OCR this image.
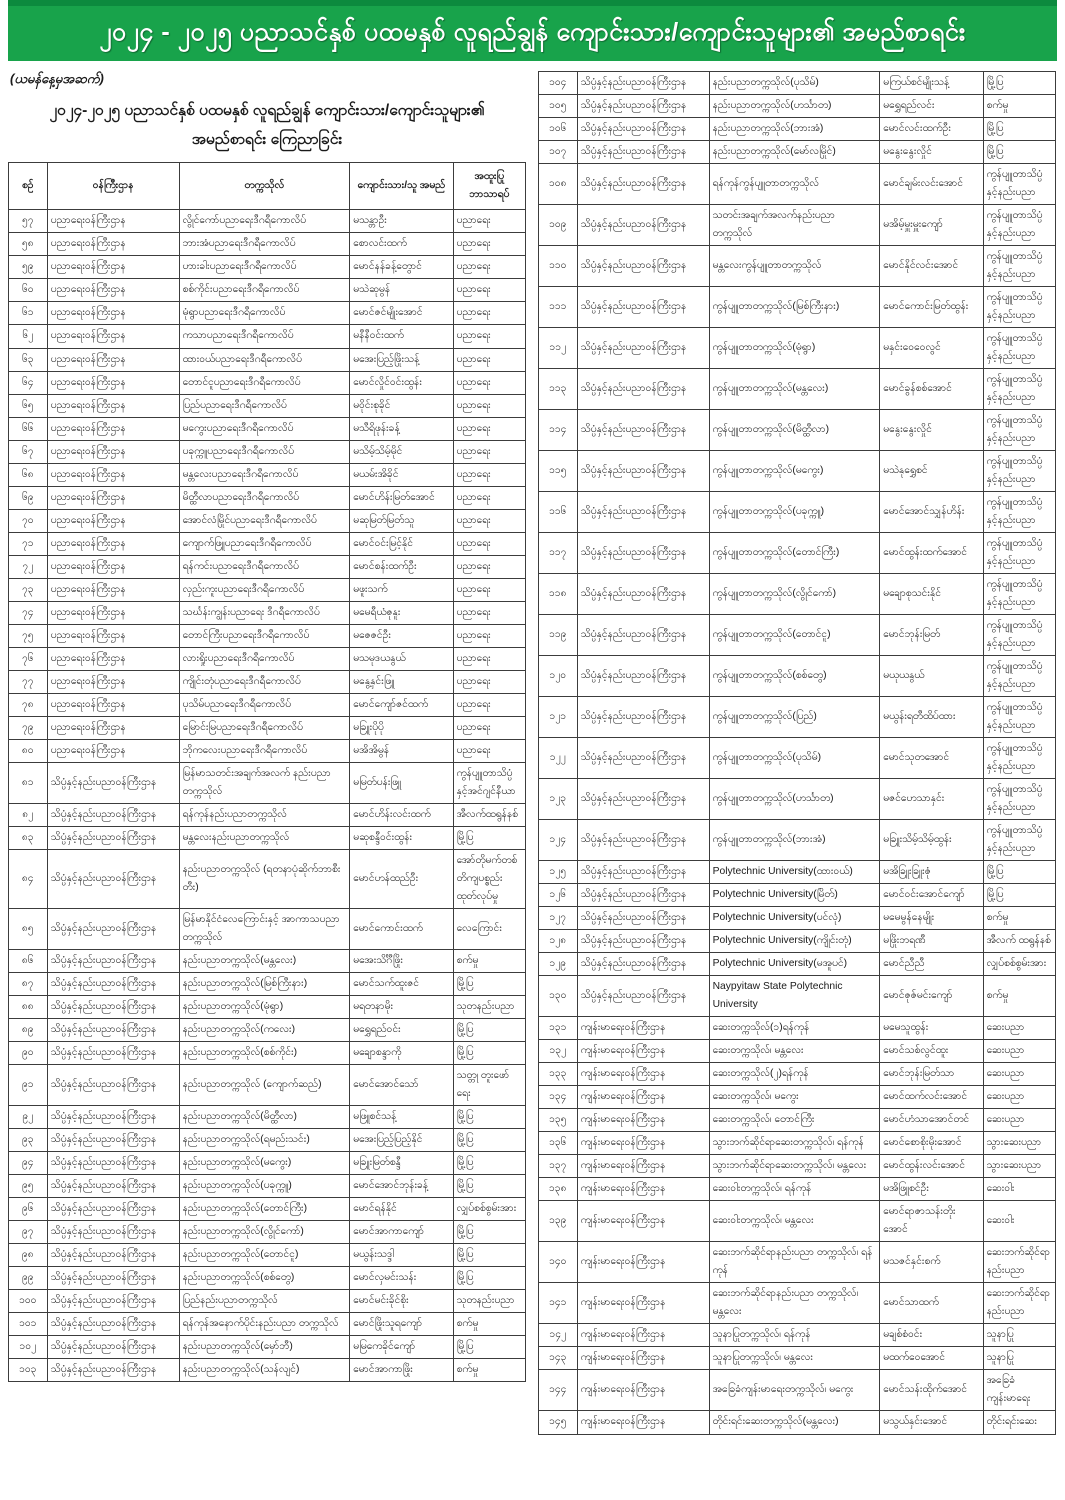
၂၀၂၄ - ၂၀၂၅ ပညာသင်နှစ် ပထမနှစ် လူရည်ချွန် ကျောင်းသား/ကျောင်းသူများ၏ အမည်စာရင်း
(ယမန်နေ့မှအဆက်)
၂၀၂၄-၂၀၂၅ ပညာသင်နှစ် ပထမနှစ် လူရည်ချွန် ကျောင်းသား/ကျောင်းသူများ၏
အမည်စာရင်း ကြေညာခြင်း
စဉ်	ဝန်ကြီးဌာန	တက္ကသိုလ်	ကျောင်းသား/သူ အမည်	အထူးပြု ဘာသာရပ်
၅၇	ပညာရေးဝန်ကြီးဌာန	လွိုင်ကော်ပညာရေးဒီဂရီကောလိပ်	မသန္တာဦး	ပညာရေး
၅၈	ပညာရေးဝန်ကြီးဌာန	ဘားအံပညာရေးဒီဂရီကောလိပ်	စောလင်းထက်	ပညာရေး
၅၉	ပညာရေးဝန်ကြီးဌာန	ဟားခါးပညာရေးဒီဂရီကောလိပ်	မောင်နန်ခန့်တွောင်	ပညာရေး
၆၀	ပညာရေးဝန်ကြီးဌာန	စစ်ကိုင်းပညာရေးဒီဂရီကောလိပ်	မသဲဆုမွန်	ပညာရေး
၆၁	ပညာရေးဝန်ကြီးဌာန	မုံရွာပညာရေးဒီဂရီကောလိပ်	မောင်ဇင်မျိုးအောင်	ပညာရေး
၆၂	ပညာရေးဝန်ကြီးဌာန	ကသာပညာရေးဒီဂရီကောလိပ်	မနီနီဝင်းထက်	ပညာရေး
၆၃	ပညာရေးဝန်ကြီးဌာန	ထားဝယ်ပညာရေးဒီဂရီကောလိပ်	မအေးပြည့်ဖြိုးသန့်	ပညာရေး
၆၄	ပညာရေးဝန်ကြီးဌာန	တောင်ငူပညာရေးဒီဂရီကောလိပ်	မောင်လှိုင်ဝင်းထွန်း	ပညာရေး
၆၅	ပညာရေးဝန်ကြီးဌာန	ပြည်ပညာရေးဒီဂရီကောလိပ်	မဝိုင်းစုခိုင်	ပညာရေး
၆၆	ပညာရေးဝန်ကြီးဌာန	မကွေးပညာရေးဒီဂရီကောလိပ်	မသီရိဖုန်းခန့်	ပညာရေး
၆၇	ပညာရေးဝန်ကြီးဌာန	ပခုက္ကူပညာရေးဒီဂရီကောလိပ်	မသိမ့်သိမ့်မိုင်	ပညာရေး
၆၈	ပညာရေးဝန်ကြီးဌာန	မန္တလေးပညာရေးဒီဂရီကောလိပ်	မယမ်းအိခိုင်	ပညာရေး
၆၉	ပညာရေးဝန်ကြီးဌာန	မိတ္ထီလာပညာရေးဒီဂရီကောလိပ်	မောင်ဟိန်းမြတ်အောင်	ပညာရေး
၇၀	ပညာရေးဝန်ကြီးဌာန	အောင်လံမြိုင်ပညာရေးဒီဂရီကောလိပ်	မဆုမြတ်မြတ်သူ	ပညာရေး
၇၁	ပညာရေးဝန်ကြီးဌာန	ကျောက်ဖြူပညာရေးဒီဂရီကောလိပ်	မောင်ဝင်းမြင့်နိုင်	ပညာရေး
၇၂	ပညာရေးဝန်ကြီးဌာန	ရန်ကင်းပညာရေးဒီဂရီကောလိပ်	မောင်စန်းထက်ဦး	ပညာရေး
၇၃	ပညာရေးဝန်ကြီးဌာန	လှည်းကူးပညာရေးဒီဂရီကောလိပ်	မဖူးသက်	ပညာရေး
၇၄	ပညာရေးဝန်ကြီးဌာန	သင်္ဃန်းကျွန်းပညာရေး ဒီဂရီကောလိပ်	မမေရီယံဇုနူး	ပညာရေး
၇၅	ပညာရေးဝန်ကြီးဌာန	တောင်ကြီးပညာရေးဒီဂရီကောလိပ်	မဇေဇင်ဦး	ပညာရေး
၇၆	ပညာရေးဝန်ကြီးဌာန	လားရှိုးပညာရေးဒီဂရီကောလိပ်	မသမုဒယနွယ်	ပညာရေး
၇၇	ပညာရေးဝန်ကြီးဌာန	ကျိုင်းတုံပညာရေးဒီဂရီကောလိပ်	မနွေ့နှင်းဖြူ	ပညာရေး
၇၈	ပညာရေးဝန်ကြီးဌာန	ပုသိမ်ပညာရေးဒီဂရီကောလိပ်	မောင်ကျော်ဇင်ထက်	ပညာရေး
၇၉	ပညာရေးဝန်ကြီးဌာန	မြောင်းမြပညာရေးဒီဂရီကောလိပ်	မခြူးပိုပို	ပညာရေး
၈၀	ပညာရေးဝန်ကြီးဌာန	ဘိုကလေးပညာရေးဒီဂရီကောလိပ်	မအိအိမွန်	ပညာရေး
၈၁	သိပ္ပံနှင့်နည်းပညာဝန်ကြီးဌာန	မြန်မာသတင်းအချက်အလက် နည်းပညာတက္ကသိုလ်	မမြတ်ပန်းဖြူ	ကွန်ပျူတာသိပ္ပံ နှင့်အင်ဂျင်နီယာ
၈၂	သိပ္ပံနှင့်နည်းပညာဝန်ကြီးဌာန	ရန်ကုန်နည်းပညာတက္ကသိုလ်	မောင်ဟိန်းလင်းထက်	အီလက်ထရွန်နစ်
၈၃	သိပ္ပံနှင့်နည်းပညာဝန်ကြီးဌာန	မန္တလေးနည်းပညာတက္ကသိုလ်	မဆုစန္ဒီဝင်းထွန်း	မြို့ပြ
၈၄	သိပ္ပံနှင့်နည်းပညာဝန်ကြီးဌာန	နည်းပညာတက္ကသိုလ် (ရတနာပုံဆိုက်ဘာစီးတီး)	မောင်ဟန်ထည်ဦး	အော်တိုမက်တစ် တိကျပစ္စည်း ထုတ်လုပ်မှု
၈၅	သိပ္ပံနှင့်နည်းပညာဝန်ကြီးဌာန	မြန်မာနိုင်ငံလေကြောင်းနှင့် အာကာသပညာတက္ကသိုလ်	မောင်ကောင်းထက်	လေကြောင်း
၈၆	သိပ္ပံနှင့်နည်းပညာဝန်ကြီးဌာန	နည်းပညာတက္ကသိုလ်(မန္တလေး)	မအေးသိင်္ဂီဖြိုး	စက်မှု
၈၇	သိပ္ပံနှင့်နည်းပညာဝန်ကြီးဌာန	နည်းပညာတက္ကသိုလ်(မြစ်ကြီးနား)	မောင်သက်ထူးဇင်	မြို့ပြ
၈၈	သိပ္ပံနှင့်နည်းပညာဝန်ကြီးဌာန	နည်းပညာတက္ကသိုလ်(မုံရွာ)	မရတနာမိုး	သုတနည်းပညာ
၈၉	သိပ္ပံနှင့်နည်းပညာဝန်ကြီးဌာန	နည်းပညာတက္ကသိုလ်(ကလေး)	မရွှေရည်ဝင်း	မြို့ပြ
၉၀	သိပ္ပံနှင့်နည်းပညာဝန်ကြီးဌာန	နည်းပညာတက္ကသိုလ်(စစ်ကိုင်း)	မချောစန္ဒာကို	မြို့ပြ
၉၁	သိပ္ပံနှင့်နည်းပညာဝန်ကြီးဌာန	နည်းပညာတက္ကသိုလ် (ကျောက်ဆည်)	မောင်အောင်သော်	သတ္တု တူးဖော်ရေး
၉၂	သိပ္ပံနှင့်နည်းပညာဝန်ကြီးဌာန	နည်းပညာတက္ကသိုလ်(မိတ္ထီလာ)	မဖြူစင်သန့်	မြို့ပြ
၉၃	သိပ္ပံနှင့်နည်းပညာဝန်ကြီးဌာန	နည်းပညာတက္ကသိုလ်(ရမည်းသင်း)	မအေးပြည့်ပြည့်နိုင်	မြို့ပြ
၉၄	သိပ္ပံနှင့်နည်းပညာဝန်ကြီးဌာန	နည်းပညာတက္ကသိုလ်(မကွေး)	မခြူးမြတ်စန္ဒီ	မြို့ပြ
၉၅	သိပ္ပံနှင့်နည်းပညာဝန်ကြီးဌာန	နည်းပညာတက္ကသိုလ်(ပခုက္ကူ)	မောင်အောင်ဘုန်းခန့်	မြို့ပြ
၉၆	သိပ္ပံနှင့်နည်းပညာဝန်ကြီးဌာန	နည်းပညာတက္ကသိုလ်(တောင်ကြီး)	မောင်ရန်နိုင်	လျှပ်စစ်စွမ်းအား
၉၇	သိပ္ပံနှင့်နည်းပညာဝန်ကြီးဌာန	နည်းပညာတက္ကသိုလ်(လွိုင်ကော်)	မောင်အာကာကျော်	မြို့ပြ
၉၈	သိပ္ပံနှင့်နည်းပညာဝန်ကြီးဌာန	နည်းပညာတက္ကသိုလ်(တောင်ငူ)	မယွန်းသဒ္ဒါ	မြို့ပြ
၉၉	သိပ္ပံနှင့်နည်းပညာဝန်ကြီးဌာန	နည်းပညာတက္ကသိုလ်(စစ်တွေ)	မောင်လှမင်းသန်း	မြို့ပြ
၁၀၀	သိပ္ပံနှင့်နည်းပညာဝန်ကြီးဌာန	ပြည်နည်းပညာတက္ကသိုလ်	မောင်မင်းခိုင်စိုး	သုတနည်းပညာ
၁၀၁	သိပ္ပံနှင့်နည်းပညာဝန်ကြီးဌာန	ရန်ကုန်အနောက်ပိုင်းနည်းပညာ တက္ကသိုလ်	မောင်ဖြိုးသူရကျော်	စက်မှု
၁၀၂	သိပ္ပံနှင့်နည်းပညာဝန်ကြီးဌာန	နည်းပညာတက္ကသိုလ်(မှော်ဘီ)	မမြကေခိုင်ကျော်	မြို့ပြ
၁၀၃	သိပ္ပံနှင့်နည်းပညာဝန်ကြီးဌာန	နည်းပညာတက္ကသိုလ်(သန်လျင်)	မောင်အာကာဖြိုး	စက်မှု
၁၀၄	သိပ္ပံနှင့်နည်းပညာဝန်ကြီးဌာန	နည်းပညာတက္ကသိုလ်(ပုသိမ်)	မကြယ်စင်မျိုးသန့်	မြို့ပြ
၁၀၅	သိပ္ပံနှင့်နည်းပညာဝန်ကြီးဌာန	နည်းပညာတက္ကသိုလ်(ဟင်္သာတ)	မရွှေရည်လင်း	စက်မှု
၁၀၆	သိပ္ပံနှင့်နည်းပညာဝန်ကြီးဌာန	နည်းပညာတက္ကသိုလ်(ဘားအံ)	မောင်လင်းထက်ဦး	မြို့ပြ
၁၀၇	သိပ္ပံနှင့်နည်းပညာဝန်ကြီးဌာန	နည်းပညာတက္ကသိုလ်(မော်လမြိုင်)	မနွေးနွေးလှိုင်	မြို့ပြ
၁၀၈	သိပ္ပံနှင့်နည်းပညာဝန်ကြီးဌာန	ရန်ကုန်ကွန်ပျူတာတက္ကသိုလ်	မောင်ချမ်းလင်းအောင်	ကွန်ပျူတာသိပ္ပံ နှင့်နည်းပညာ
၁၀၉	သိပ္ပံနှင့်နည်းပညာဝန်ကြီးဌာန	သတင်းအချက်အလက်နည်းပညာ တက္ကသိုလ်	မအိမ့်မှူးမှူးကျော်	ကွန်ပျူတာသိပ္ပံ နှင့်နည်းပညာ
၁၁၀	သိပ္ပံနှင့်နည်းပညာဝန်ကြီးဌာန	မန္တလေးကွန်ပျူတာတက္ကသိုလ်	မောင်နိုင်လင်းအောင်	ကွန်ပျူတာသိပ္ပံ နှင့်နည်းပညာ
၁၁၁	သိပ္ပံနှင့်နည်းပညာဝန်ကြီးဌာန	ကွန်ပျူတာတက္ကသိုလ်(မြစ်ကြီးနား)	မောင်ကောင်းမြတ်ထွန်း	ကွန်ပျူတာသိပ္ပံ နှင့်နည်းပညာ
၁၁၂	သိပ္ပံနှင့်နည်းပညာဝန်ကြီးဌာန	ကွန်ပျူတာတက္ကသိုလ်(မုံရွာ)	မနှင်းဝေဝေလွင်	ကွန်ပျူတာသိပ္ပံ နှင့်နည်းပညာ
၁၁၃	သိပ္ပံနှင့်နည်းပညာဝန်ကြီးဌာန	ကွန်ပျူတာတက္ကသိုလ်(မန္တလေး)	မောင်ခွန်စစ်အောင်	ကွန်ပျူတာသိပ္ပံ နှင့်နည်းပညာ
၁၁၄	သိပ္ပံနှင့်နည်းပညာဝန်ကြီးဌာန	ကွန်ပျူတာတက္ကသိုလ်(မိတ္ထီလာ)	မနွေးနွေးလှိုင်	ကွန်ပျူတာသိပ္ပံ နှင့်နည်းပညာ
၁၁၅	သိပ္ပံနှင့်နည်းပညာဝန်ကြီးဌာန	ကွန်ပျူတာတက္ကသိုလ်(မကွေး)	မသဲနုရွှေစင်	ကွန်ပျူတာသိပ္ပံ နှင့်နည်းပညာ
၁၁၆	သိပ္ပံနှင့်နည်းပညာဝန်ကြီးဌာန	ကွန်ပျူတာတက္ကသိုလ်(ပခုက္ကူ)	မောင်အောင်သျှန်ဟိန်း	ကွန်ပျူတာသိပ္ပံ နှင့်နည်းပညာ
၁၁၇	သိပ္ပံနှင့်နည်းပညာဝန်ကြီးဌာန	ကွန်ပျူတာတက္ကသိုလ်(တောင်ကြီး)	မောင်ထွန်းထက်အောင်	ကွန်ပျူတာသိပ္ပံ နှင့်နည်းပညာ
၁၁၈	သိပ္ပံနှင့်နည်းပညာဝန်ကြီးဌာန	ကွန်ပျူတာတက္ကသိုလ်(လွိုင်ကော်)	မချောစုသင်းနိုင်	ကွန်ပျူတာသိပ္ပံ နှင့်နည်းပညာ
၁၁၉	သိပ္ပံနှင့်နည်းပညာဝန်ကြီးဌာန	ကွန်ပျူတာတက္ကသိုလ်(တောင်ငူ)	မောင်ဘုန်းမြတ်	ကွန်ပျူတာသိပ္ပံ နှင့်နည်းပညာ
၁၂၀	သိပ္ပံနှင့်နည်းပညာဝန်ကြီးဌာန	ကွန်ပျူတာတက္ကသိုလ်(စစ်တွေ)	မယုယနွယ်	ကွန်ပျူတာသိပ္ပံ နှင့်နည်းပညာ
၁၂၁	သိပ္ပံနှင့်နည်းပညာဝန်ကြီးဌာန	ကွန်ပျူတာတက္ကသိုလ်(ပြည်)	မယွန်းရတီထိပ်ထား	ကွန်ပျူတာသိပ္ပံ နှင့်နည်းပညာ
၁၂၂	သိပ္ပံနှင့်နည်းပညာဝန်ကြီးဌာန	ကွန်ပျူတာတက္ကသိုလ်(ပုသိမ်)	မောင်သုတအောင်	ကွန်ပျူတာသိပ္ပံ နှင့်နည်းပညာ
၁၂၃	သိပ္ပံနှင့်နည်းပညာဝန်ကြီးဌာန	ကွန်ပျူတာတက္ကသိုလ်(ဟင်္သာတ)	မဇင်ဟေသာနှင်း	ကွန်ပျူတာသိပ္ပံ နှင့်နည်းပညာ
၁၂၄	သိပ္ပံနှင့်နည်းပညာဝန်ကြီးဌာန	ကွန်ပျူတာတက္ကသိုလ်(ဘားအံ)	မခြူးသိမ့်သိမ့်ထွန်း	ကွန်ပျူတာသိပ္ပံ နှင့်နည်းပညာ
၁၂၅	သိပ္ပံနှင့်နည်းပညာဝန်ကြီးဌာန	Polytechnic University(ထားဝယ်)	မအိခြူးခြူးဇုံ	မြို့ပြ
၁၂၆	သိပ္ပံနှင့်နည်းပညာဝန်ကြီးဌာန	Polytechnic University(မြိတ်)	မောင်ဝင်းအောင်ကျော်	မြို့ပြ
၁၂၇	သိပ္ပံနှင့်နည်းပညာဝန်ကြီးဌာန	Polytechnic University(ပင်လုံ)	မမေမွန်နေမျိုး	စက်မှု
၁၂၈	သိပ္ပံနှင့်နည်းပညာဝန်ကြီးဌာန	Polytechnic University(ကျိုင်းတုံ)	မဖြိုးဘရဏီ	အီလက် ထရွန်နစ်
၁၂၉	သိပ္ပံနှင့်နည်းပညာဝန်ကြီးဌာန	Polytechnic University(မအူပင်)	မောင်ညီညီ	လျှပ်စစ်စွမ်းအား
၁၃၀	သိပ္ပံနှင့်နည်းပညာဝန်ကြီးဌာန	Naypyitaw State Polytechnic University	မောင်ဇုဇ်မင်းကျော်	စက်မှု
၁၃၁	ကျန်းမာရေးဝန်ကြီးဌာန	ဆေးတက္ကသိုလ်(၁)ရန်ကုန်	မမေသူထွန်း	ဆေးပညာ
၁၃၂	ကျန်းမာရေးဝန်ကြီးဌာန	ဆေးတက္ကသိုလ်၊ မန္တလေး	မောင်သစ်လွင်ထူး	ဆေးပညာ
၁၃၃	ကျန်းမာရေးဝန်ကြီးဌာန	ဆေးတက္ကသိုလ်(၂)ရန်ကုန်	မောင်ဘုန်းမြတ်သာ	ဆေးပညာ
၁၃၄	ကျန်းမာရေးဝန်ကြီးဌာန	ဆေးတက္ကသိုလ်၊ မကွေး	မောင်ထက်လင်းအောင်	ဆေးပညာ
၁၃၅	ကျန်းမာရေးဝန်ကြီးဌာန	ဆေးတက္ကသိုလ်၊ တောင်ကြီး	မောင်ဟံသာအောင်တင်	ဆေးပညာ
၁၃၆	ကျန်းမာရေးဝန်ကြီးဌာန	သွားဘက်ဆိုင်ရာဆေးတက္ကသိုလ်၊ ရန်ကုန်	မောင်စောစိုးမိုးအောင်	သွားဆေးပညာ
၁၃၇	ကျန်းမာရေးဝန်ကြီးဌာန	သွားဘက်ဆိုင်ရာဆေးတက္ကသိုလ်၊ မန္တလေး	မောင်ထွန်းလင်းအောင်	သွားဆေးပညာ
၁၃၈	ကျန်းမာရေးဝန်ကြီးဌာန	ဆေးဝါးတက္ကသိုလ်၊ ရန်ကုန်	မအိဖြူစင်ဦး	ဆေးဝါး
၁၃၉	ကျန်းမာရေးဝန်ကြီးဌာန	ဆေးဝါးတက္ကသိုလ်၊ မန္တလေး	မောင်ရာဇာသန်းတိုး အောင်	ဆေးဝါး
၁၄၀	ကျန်းမာရေးဝန်ကြီးဌာန	ဆေးဘက်ဆိုင်ရာနည်းပညာ တက္ကသိုလ်၊ ရန်ကုန်	မသဇင်နှင်းစက်	ဆေးဘက်ဆိုင်ရာ နည်းပညာ
၁၄၁	ကျန်းမာရေးဝန်ကြီးဌာန	ဆေးဘက်ဆိုင်ရာနည်းပညာ တက္ကသိုလ်၊ မန္တလေး	မောင်သာထက်	ဆေးဘက်ဆိုင်ရာ နည်းပညာ
၁၄၂	ကျန်းမာရေးဝန်ကြီးဌာန	သူနာပြုတက္ကသိုလ်၊ ရန်ကုန်	မချစ်စံဝင်း	သူနာပြု
၁၄၃	ကျန်းမာရေးဝန်ကြီးဌာန	သူနာပြုတက္ကသိုလ်၊ မန္တလေး	မထက်ဝေအောင်	သူနာပြု
၁၄၄	ကျန်းမာရေးဝန်ကြီးဌာန	အခြေခံကျန်းမာရေးတက္ကသိုလ်၊ မကွေး	မောင်သန်းထိုက်အောင်	အခြေခံ ကျန်းမာရေး
၁၄၅	ကျန်းမာရေးဝန်ကြီးဌာန	တိုင်းရင်းဆေးတက္ကသိုလ်(မန္တလေး)	မသွယ်နှင်းအောင်	တိုင်းရင်းဆေး
